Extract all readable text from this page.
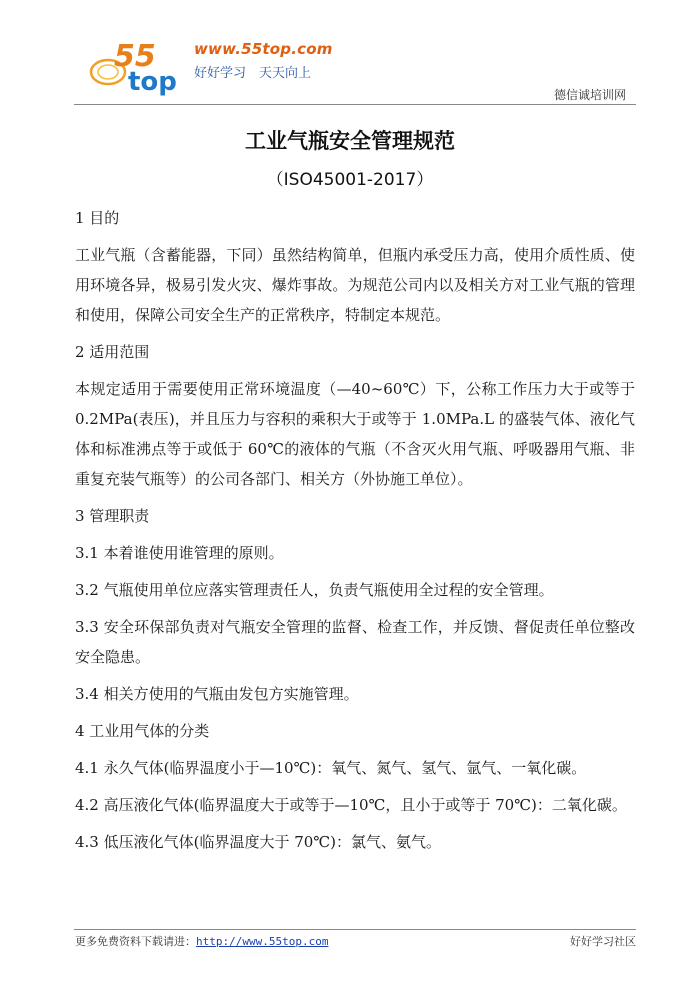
55
top
www.55top.com
好好学习　天天向上
德信诚培训网
工业气瓶安全管理规范
（ISO45001-2017）

1 目的

工业气瓶（含蓄能器，下同）虽然结构简单，但瓶内承受压力高，使用介质性质、使用环境各异，极易引发火灾、爆炸事故。为规范公司内以及相关方对工业气瓶的管理和使用，保障公司安全生产的正常秩序，特制定本规范。

2 适用范围

本规定适用于需要使用正常环境温度（—40~60℃）下，公称工作压力大于或等于 0.2MPa(表压)，并且压力与容积的乘积大于或等于 1.0MPa.L 的盛装气体、液化气体和标准沸点等于或低于 60℃的液体的气瓶（不含灭火用气瓶、呼吸器用气瓶、非重复充装气瓶等）的公司各部门、相关方（外协施工单位）。

3 管理职责

3.1 本着谁使用谁管理的原则。

3.2 气瓶使用单位应落实管理责任人，负责气瓶使用全过程的安全管理。

3.3 安全环保部负责对气瓶安全管理的监督、检查工作，并反馈、督促责任单位整改安全隐患。

3.4 相关方使用的气瓶由发包方实施管理。

4 工业用气体的分类

4.1 永久气体(临界温度小于—10℃)：氧气、氮气、氢气、氩气、一氧化碳。

4.2 高压液化气体(临界温度大于或等于—10℃，且小于或等于 70℃)：二氧化碳。

4.3 低压液化气体(临界温度大于 70℃)：氯气、氨气。

更多免费资料下载请进：http://www.55top.com	好好学习社区
